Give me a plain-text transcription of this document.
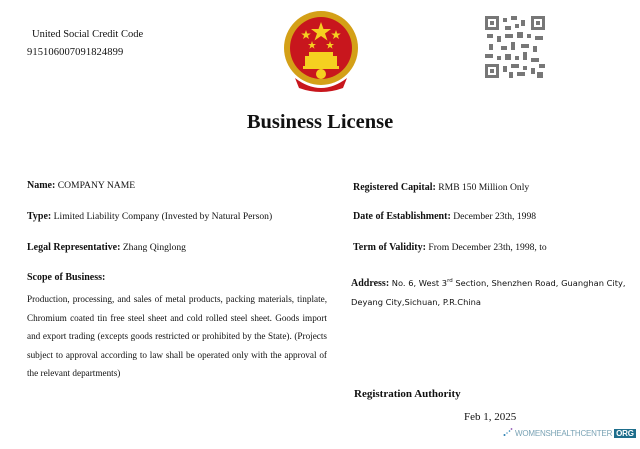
United Social Credit Code
915106007091824899
Business License
Name: COMPANY NAME
Type: Limited Liability Company (Invested by Natural Person)
Legal Representative: Zhang Qinglong
Registered Capital: RMB 150 Million Only
Date of Establishment: December 23th, 1998
Term of Validity: From December 23th, 1998, to
Scope of Business:
Production, processing, and sales of metal products, packing materials, tinplate, Chromium coated tin free steel sheet and cold rolled steel sheet. Goods import and export trading (excepts goods restricted or prohibited by the State). (Projects subject to approval according to law shall be operated only with the approval of the relevant departments)
Address: No. 6, West 3rd Section, Shenzhen Road, Guanghan City,
Deyang City,Sichuan, P.R.China
Registration Authority
Feb 1, 2025
WOMENSHEALTHCENTER ORG
